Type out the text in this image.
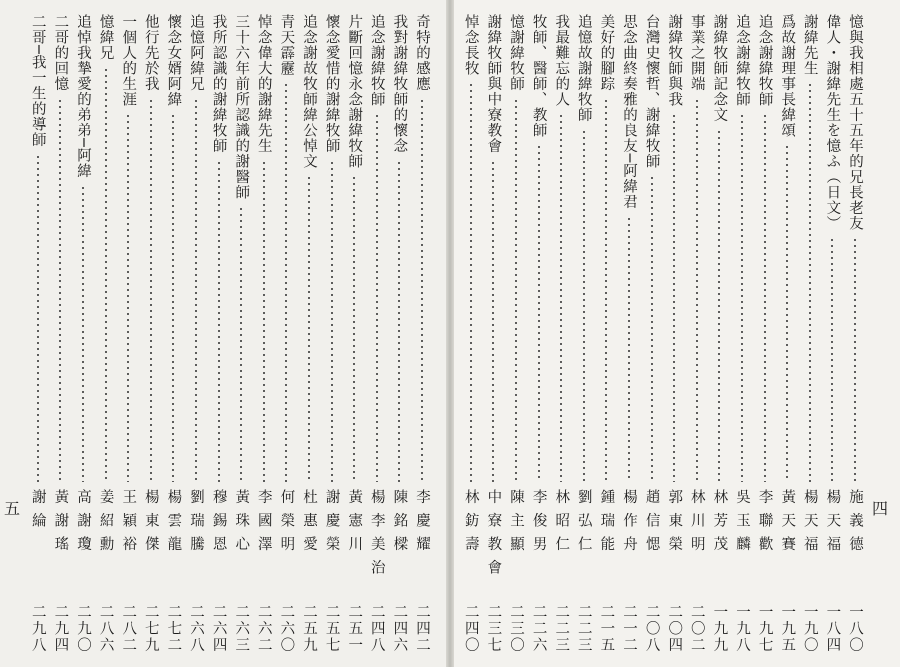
奇特的感應
李慶耀
二四二
我對謝緯牧師的懷念
陳銘樑
二四六
追念謝緯牧師
楊李美治
二四八
片斷回憶永念謝緯牧師
黃憲川
二五一
懷念愛惜的謝緯牧師
謝慶榮
二五七
追念謝故牧師緯公悼文
杜惠愛
二五九
青天霹靂
何榮明
二六〇
悼念偉大的謝緯先生
李國澤
二六二
三十六年前所認識的謝醫師
黃珠心
二六三
我所認識的謝緯牧師
穆錫恩
二六四
追憶阿緯兄
劉瑞騰
二六八
懷念女婿阿緯
楊雲龍
二七二
他行先於我
楊東傑
二七九
一個人的生涯
王穎裕
二八二
憶緯兄
姜紹勳
二八六
追悼我摯愛的弟弟─阿緯
高謝瓊
二九〇
二哥的回憶
黃謝瑤
二九四
二哥─我一生的導師
謝綸
二九八
憶與我相處五十五年的兄長老友
施義德
一八〇
偉人・謝緯先生を憶ふ（日文）
楊天福
一八四
謝緯先生
楊天福
一九〇
爲故謝理事長緯頌
黃天賽
一九五
追念謝緯牧師
李聯歡
一九七
追念謝緯牧師
吳玉麟
一九八
謝緯牧師記念文
林芳茂
一九九
事業之開端
林川明
二〇二
謝緯牧師與我
郭東榮
二〇四
台灣史懷哲、謝緯牧師
趙信愢
二〇八
思念曲終奏雅的良友─阿緯君
楊作舟
二一二
美好的腳踪
鍾瑞能
二一五
追憶故謝緯牧師
劉弘仁
二二三
我最難忘的人
林昭仁
二二三
牧師、醫師、教師
李俊男
二二六
憶謝緯牧師
陳主顯
二三〇
謝緯牧師與中寮教會
中寮教會
二三七
悼念長牧
林鈁壽
二四〇
五	四
